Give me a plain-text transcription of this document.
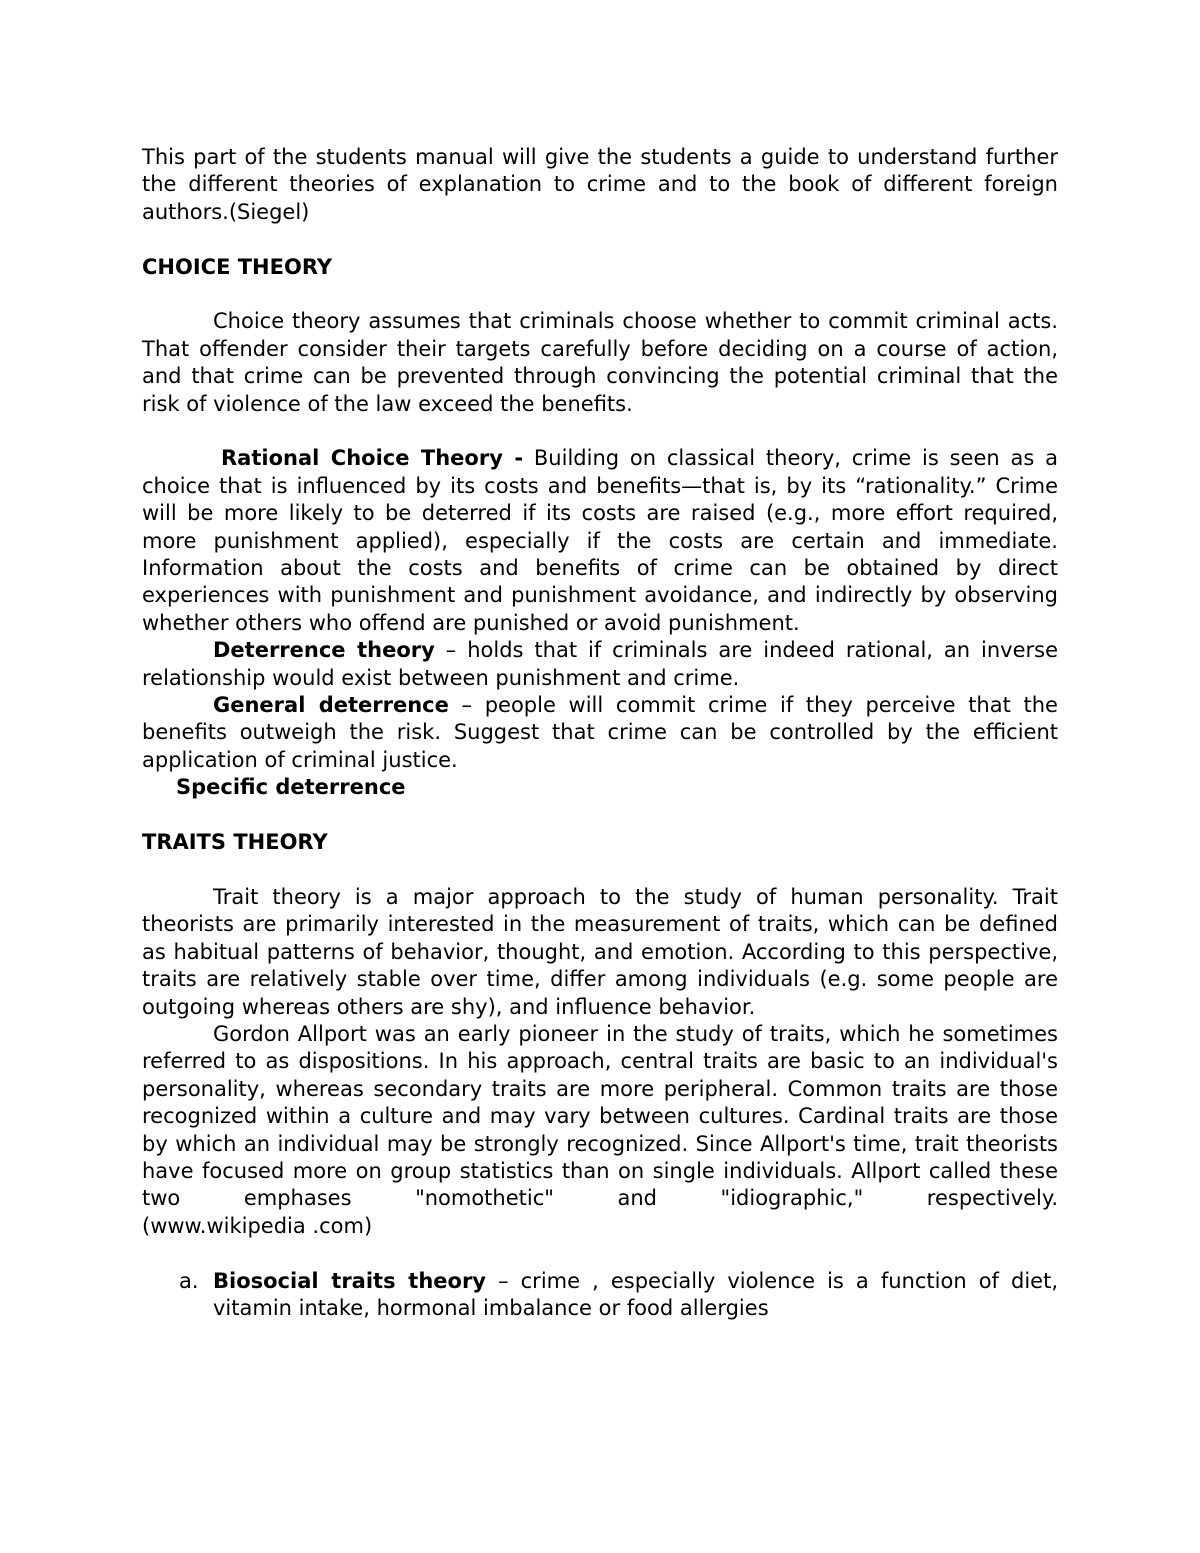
This part of the students manual will give the students a guide to understand further the different theories of explanation to crime and to the book of different foreign authors.(Siegel)

CHOICE THEORY

Choice theory assumes that criminals choose whether to commit criminal acts. That offender consider their targets carefully before deciding on a course of action, and that crime can be prevented through convincing the potential criminal that the risk of violence of the law exceed the benefits.

Rational Choice Theory - Building on classical theory, crime is seen as a choice that is influenced by its costs and benefits—that is, by its “rationality.” Crime will be more likely to be deterred if its costs are raised (e.g., more effort required, more punishment applied), especially if the costs are certain and immediate. Information about the costs and benefits of crime can be obtained by direct experiences with punishment and punishment avoidance, and indirectly by observing whether others who offend are punished or avoid punishment.

Deterrence theory – holds that if criminals are indeed rational, an inverse relationship would exist between punishment and crime.

General deterrence – people will commit crime if they perceive that the benefits outweigh the risk. Suggest that crime can be controlled by the efficient application of criminal justice.

Specific deterrence

TRAITS THEORY

Trait theory is a major approach to the study of human personality. Trait theorists are primarily interested in the measurement of traits, which can be defined as habitual patterns of behavior, thought, and emotion. According to this perspective, traits are relatively stable over time, differ among individuals (e.g. some people are outgoing whereas others are shy), and influence behavior.

Gordon Allport was an early pioneer in the study of traits, which he sometimes referred to as dispositions. In his approach, central traits are basic to an individual's personality, whereas secondary traits are more peripheral. Common traits are those recognized within a culture and may vary between cultures. Cardinal traits are those by which an individual may be strongly recognized. Since Allport's time, trait theorists have focused more on group statistics than on single individuals. Allport called these two emphases "nomothetic" and "idiographic," respectively.

(www.wikipedia .com)

a. Biosocial traits theory – crime , especially violence is a function of diet, vitamin intake, hormonal imbalance or food allergies
